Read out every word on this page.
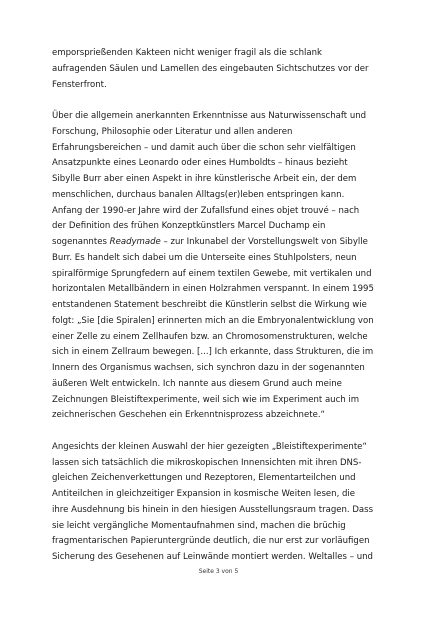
emporsprießenden Kakteen nicht weniger fragil als die schlank
aufragenden Säulen und Lamellen des eingebauten Sichtschutzes vor der
Fensterfront.

Über die allgemein anerkannten Erkenntnisse aus Naturwissenschaft und
Forschung, Philosophie oder Literatur und allen anderen
Erfahrungsbereichen – und damit auch über die schon sehr vielfältigen
Ansatzpunkte eines Leonardo oder eines Humboldts – hinaus bezieht
Sibylle Burr aber einen Aspekt in ihre künstlerische Arbeit ein, der dem
menschlichen, durchaus banalen Alltags(er)leben entspringen kann.
Anfang der 1990-er Jahre wird der Zufallsfund eines objet trouvé – nach
der Definition des frühen Konzeptkünstlers Marcel Duchamp ein
sogenanntes Readymade – zur Inkunabel der Vorstellungswelt von Sibylle
Burr. Es handelt sich dabei um die Unterseite eines Stuhlpolsters, neun
spiralförmige Sprungfedern auf einem textilen Gewebe, mit vertikalen und
horizontalen Metallbändern in einen Holzrahmen verspannt. In einem 1995
entstandenen Statement beschreibt die Künstlerin selbst die Wirkung wie
folgt: „Sie [die Spiralen] erinnerten mich an die Embryonalentwicklung von
einer Zelle zu einem Zellhaufen bzw. an Chromosomenstrukturen, welche
sich in einem Zellraum bewegen. [...] Ich erkannte, dass Strukturen, die im
Innern des Organismus wachsen, sich synchron dazu in der sogenannten
äußeren Welt entwickeln. Ich nannte aus diesem Grund auch meine
Zeichnungen Bleistiftexperimente, weil sich wie im Experiment auch im
zeichnerischen Geschehen ein Erkenntnisprozess abzeichnete.“

Angesichts der kleinen Auswahl der hier gezeigten „Bleistiftexperimente“
lassen sich tatsächlich die mikroskopischen Innensichten mit ihren DNS-
gleichen Zeichenverkettungen und Rezeptoren, Elementarteilchen und
Antiteilchen in gleichzeitiger Expansion in kosmische Weiten lesen, die
ihre Ausdehnung bis hinein in den hiesigen Ausstellungsraum tragen. Dass
sie leicht vergängliche Momentaufnahmen sind, machen die brüchig
fragmentarischen Papieruntergründe deutlich, die nur erst zur vorläufigen
Sicherung des Gesehenen auf Leinwände montiert werden. Weltalles – und

Seite 3 von 5
